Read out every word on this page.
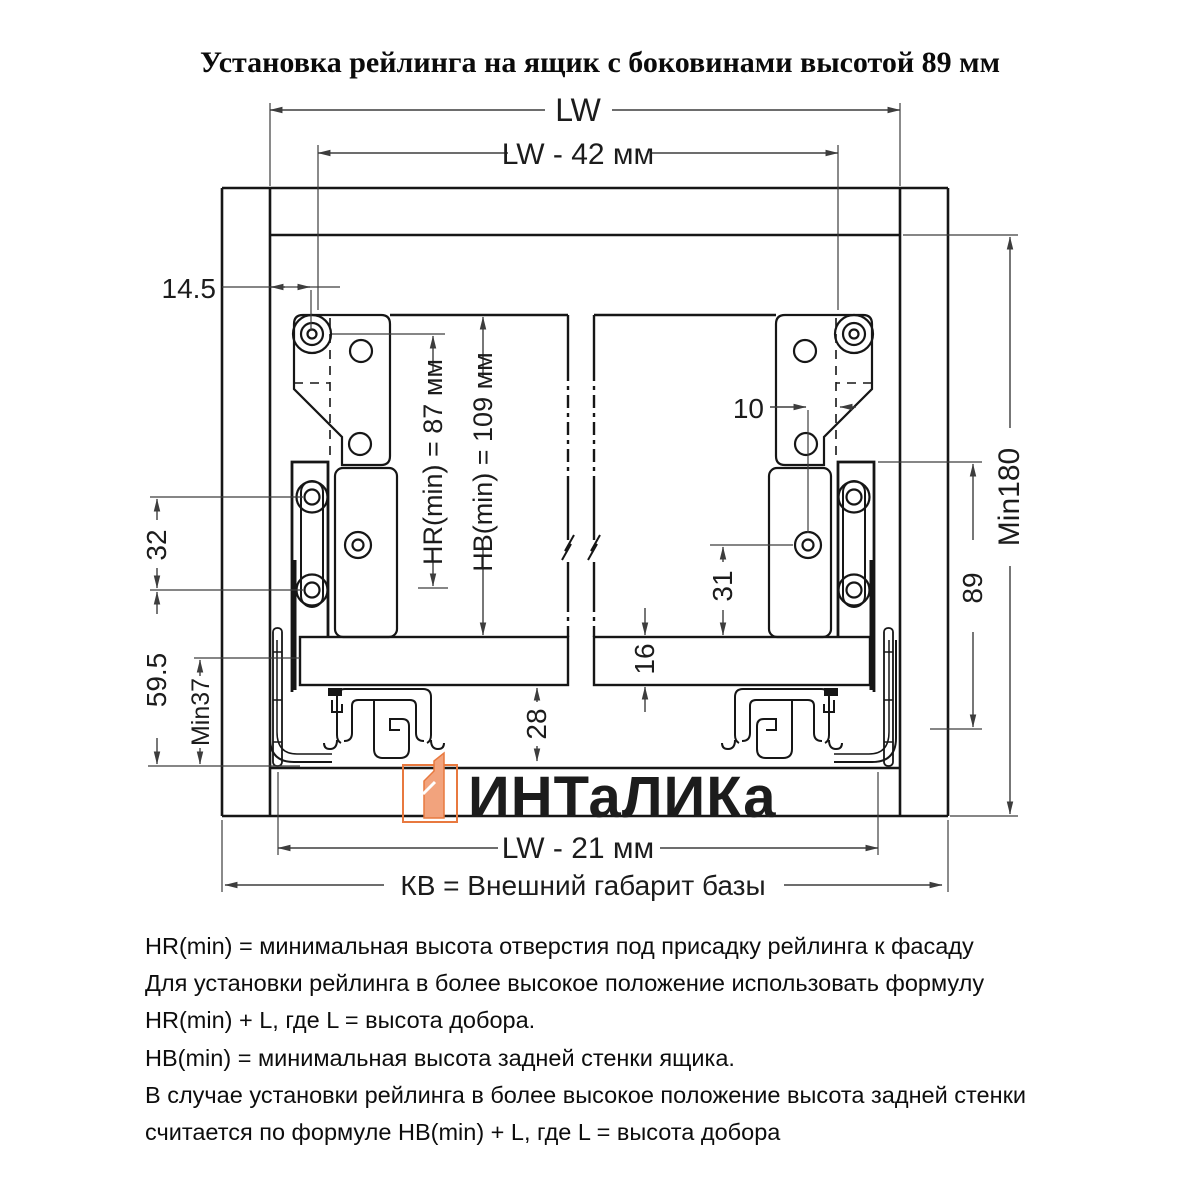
Установка рейлинга на ящик с боковинами высотой 89 мм
LW
LW - 42 мм
14.5
HR(min) = 87 мм HB(min) = 109 мм
32
59.5 Min37	28
16
31
10
89
Min180
LW - 21 мм
КВ = Внешний габарит базы
ИНТаЛИКа
HR(min) = минимальная высота отверстия под присадку рейлинга к фасаду
Для установки рейлинга в более высокое положение использовать формулу
HR(min) + L, где L = высота добора.
HB(min) = минимальная высота задней стенки ящика.
В случае установки рейлинга в более высокое положение высота задней стенки
считается по формуле HB(min) + L, где L = высота добора
